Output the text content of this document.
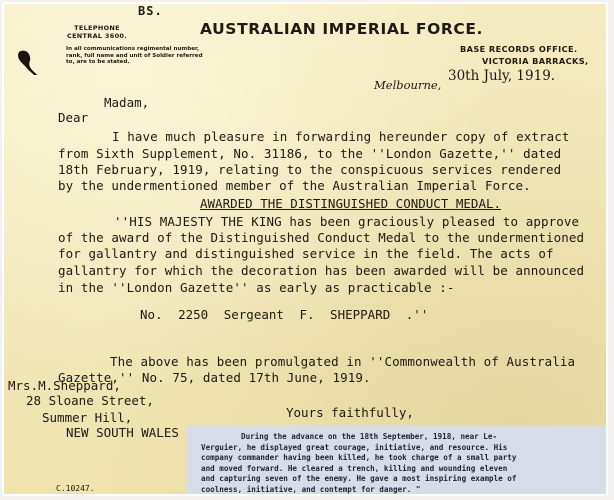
BS.
AUSTRALIAN IMPERIAL FORCE.
TELEPHONE
CENTRAL 3600.
In all communications regimental number,
rank, full name and unit of Soldier referred
to, are to be stated.
BASE RECORDS OFFICE.
VICTORIA BARRACKS,
Melbourne,
30th July, 1919.
Madam,
Dear
I have much pleasure in forwarding hereunder copy of extract
from Sixth Supplement, No. 31186, to the ''London Gazette,'' dated
18th February, 1919, relating to the conspicuous services rendered
by the undermentioned member of the Australian Imperial Force.
AWARDED THE DISTINGUISHED CONDUCT MEDAL.
''HIS MAJESTY THE KING has been graciously pleased to approve
of the award of the Distinguished Conduct Medal to the undermentioned
for gallantry and distinguished service in the field. The acts of
gallantry for which the decoration has been awarded will be announced
in the ''London Gazette'' as early as practicable :-
No. 2250 Sergeant F. SHEPPARD .''
The above has been promulgated in ''Commonwealth of Australia
Gazette,'' No. 75, dated 17th June, 1919.
Mrs.M.Sheppard,
28 Sloane Street,
Summer Hill,
NEW SOUTH WALES
Yours faithfully,
C.10247.
During the advance on the 18th September, 1918, near Le-
Verguier, he displayed great courage, initiative, and resource. His
company commander having been killed, he took charge of a small party
and moved forward. He cleared a trench, killing and wounding eleven
and capturing seven of the enemy. He gave a most inspiring example of
coolness, initiative, and contempt for danger. "
